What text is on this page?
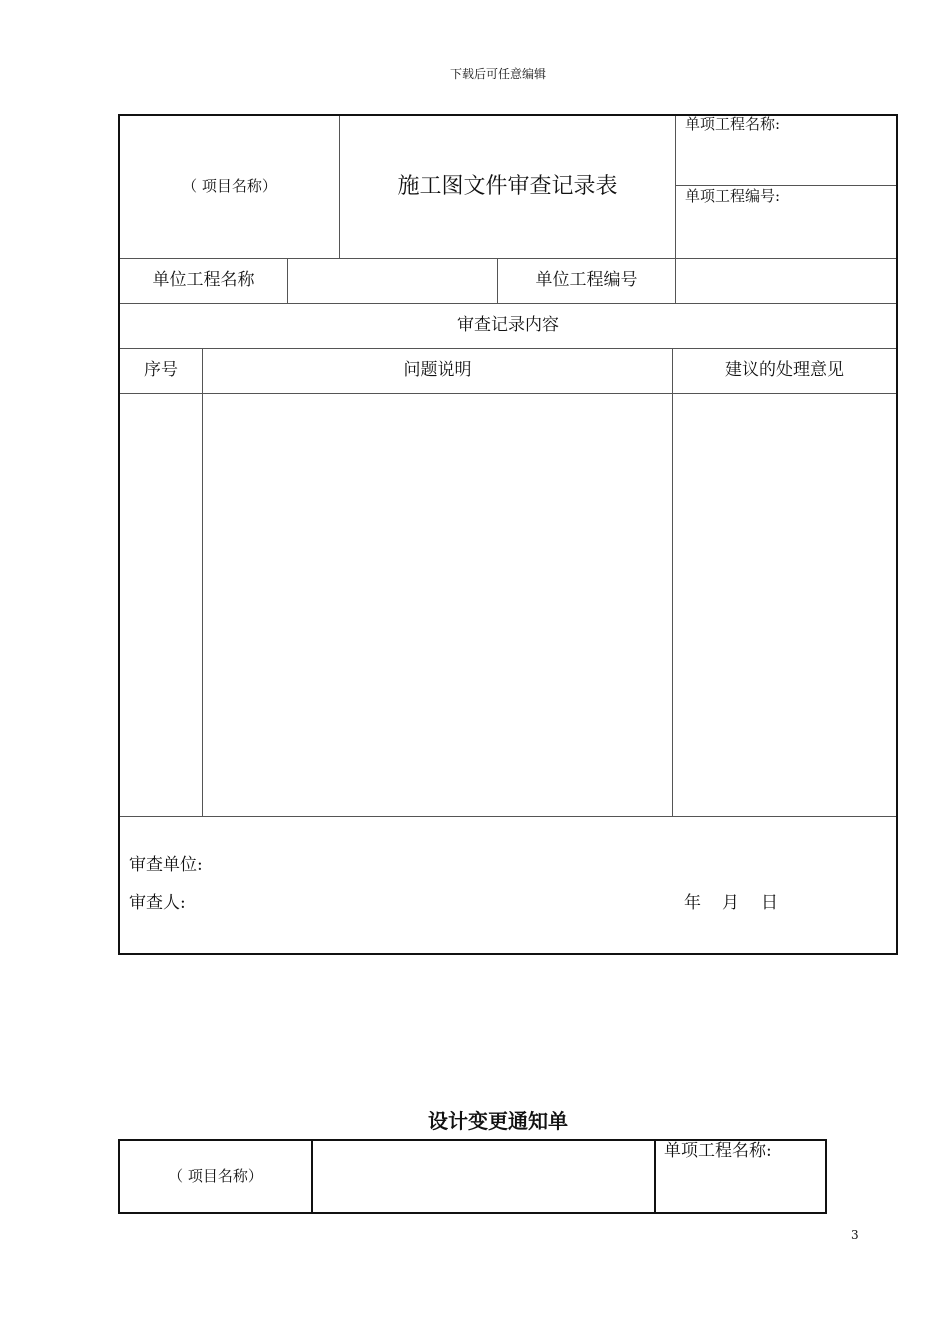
下载后可任意编辑
（ 项目名称）	施工图文件审查记录表
单项工程名称:
单项工程编号:
单位工程名称	单位工程编号
审查记录内容
序号	问题说明	建议的处理意见
审查单位:
审查人:	年 月 日
设计变更通知单
（ 项目名称）
单项工程名称:
3
